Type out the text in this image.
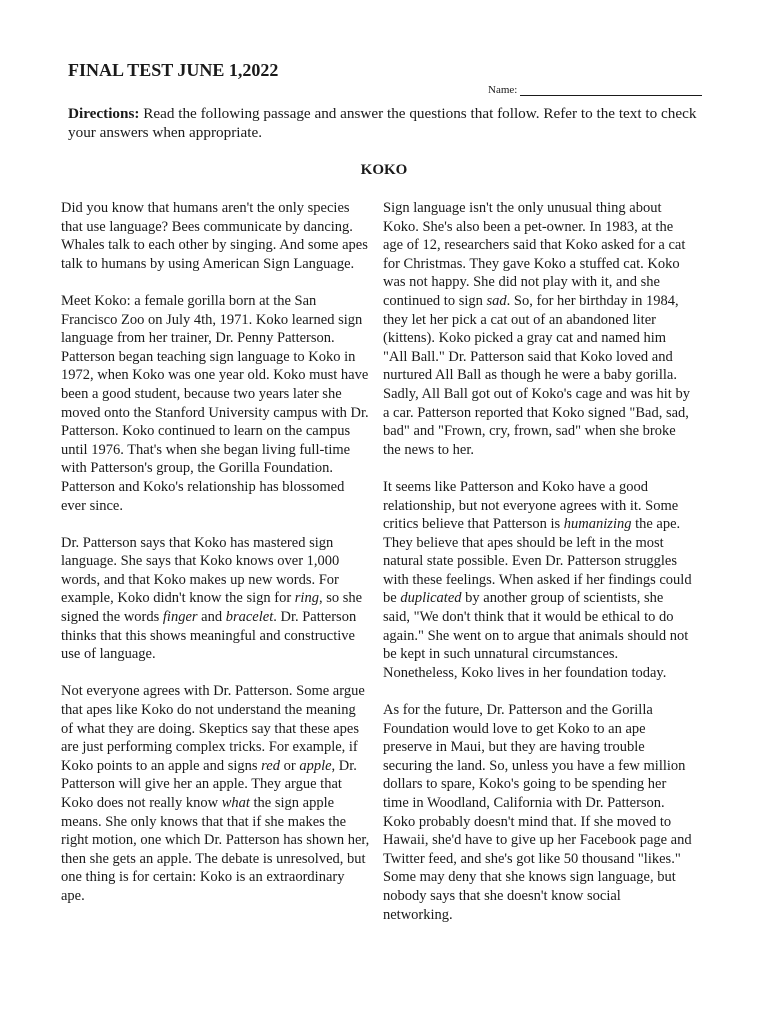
FINAL TEST JUNE 1,2022
Name:

Directions: Read the following passage and answer the questions that follow. Refer to the text to check your answers when appropriate.

KOKO

Did you know that humans aren't the only species that use language? Bees communicate by dancing. Whales talk to each other by singing. And some apes talk to humans by using American Sign Language.

Meet Koko: a female gorilla born at the San Francisco Zoo on July 4th, 1971. Koko learned sign language from her trainer, Dr. Penny Patterson. Patterson began teaching sign language to Koko in 1972, when Koko was one year old. Koko must have been a good student, because two years later she moved onto the Stanford University campus with Dr. Patterson. Koko continued to learn on the campus until 1976. That's when she began living full-time with Patterson's group, the Gorilla Foundation. Patterson and Koko's relationship has blossomed ever since.

Dr. Patterson says that Koko has mastered sign language. She says that Koko knows over 1,000 words, and that Koko makes up new words. For example, Koko didn't know the sign for ring, so she signed the words finger and bracelet. Dr. Patterson thinks that this shows meaningful and constructive use of language.

Not everyone agrees with Dr. Patterson. Some argue that apes like Koko do not understand the meaning of what they are doing. Skeptics say that these apes are just performing complex tricks. For example, if Koko points to an apple and signs red or apple, Dr. Patterson will give her an apple. They argue that Koko does not really know what the sign apple means. She only knows that that if she makes the right motion, one which Dr. Patterson has shown her, then she gets an apple. The debate is unresolved, but one thing is for certain: Koko is an extraordinary ape.

Sign language isn't the only unusual thing about Koko. She's also been a pet-owner. In 1983, at the age of 12, researchers said that Koko asked for a cat for Christmas. They gave Koko a stuffed cat. Koko was not happy. She did not play with it, and she continued to sign sad. So, for her birthday in 1984, they let her pick a cat out of an abandoned liter (kittens). Koko picked a gray cat and named him "All Ball." Dr. Patterson said that Koko loved and nurtured All Ball as though he were a baby gorilla. Sadly, All Ball got out of Koko's cage and was hit by a car. Patterson reported that Koko signed "Bad, sad, bad" and "Frown, cry, frown, sad" when she broke the news to her.

It seems like Patterson and Koko have a good relationship, but not everyone agrees with it. Some critics believe that Patterson is humanizing the ape. They believe that apes should be left in the most natural state possible. Even Dr. Patterson struggles with these feelings. When asked if her findings could be duplicated by another group of scientists, she said, "We don't think that it would be ethical to do again." She went on to argue that animals should not be kept in such unnatural circumstances. Nonetheless, Koko lives in her foundation today.

As for the future, Dr. Patterson and the Gorilla Foundation would love to get Koko to an ape preserve in Maui, but they are having trouble securing the land. So, unless you have a few million dollars to spare, Koko's going to be spending her time in Woodland, California with Dr. Patterson. Koko probably doesn't mind that. If she moved to Hawaii, she'd have to give up her Facebook page and Twitter feed, and she's got like 50 thousand "likes." Some may deny that she knows sign language, but nobody says that she doesn't know social networking.
